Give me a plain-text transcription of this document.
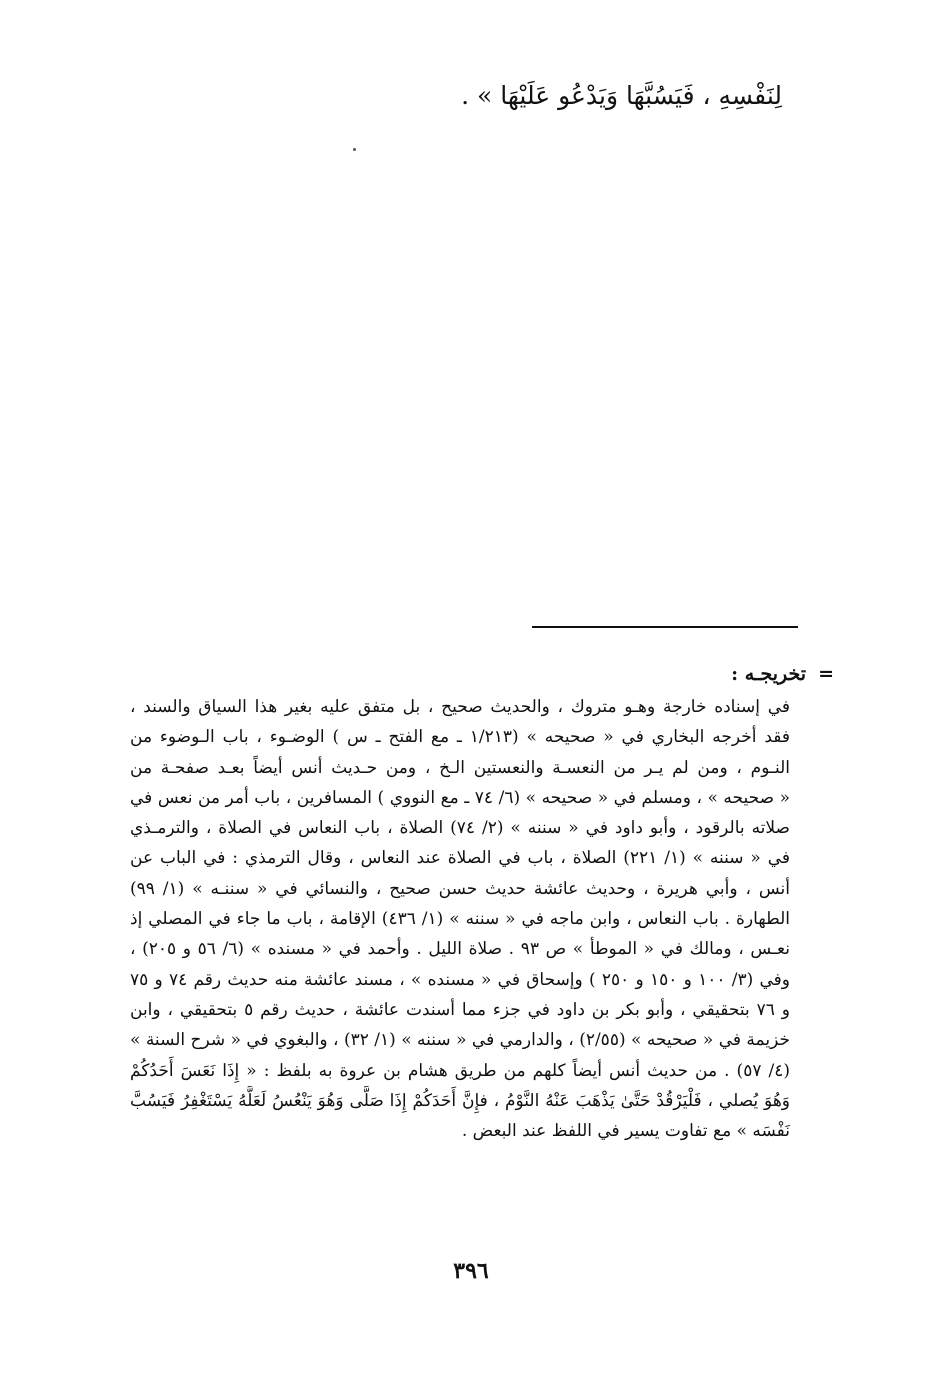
لِنَفْسِهِ ، فَيَسُبَّهَا وَيَدْعُو عَلَيْهَا » .
=تخريجـه :
في إسناده خارجة وهـو متروك ، والحديث صحيح ، بل متفق عليه بغير هذا السياق والسند ،
فقد أخرجه البخاري في « صحيحه » (١/٢١٣ ـ مع الفتح ـ س ) الوضـوء ، باب الـوضوء من
النـوم ، ومن لم يـر من النعسـة والنعستين الـخ ، ومن حـديث أنس أيضاً بعـد صفحـة من
« صحيحه » ، ومسلم في « صحيحه » (٦/ ٧٤ ـ مع النووي ) المسافرين ، باب أمر من نعس في
صلاته بالرقود ، وأبو داود في « سننه » (٢/ ٧٤) الصلاة ، باب النعاس في الصلاة ، والترمـذي
في « سننه » (١/ ٢٢١) الصلاة ، باب في الصلاة عند النعاس ، وقال الترمذي : في الباب عن
أنس ، وأبي هريرة ، وحديث عائشة حديث حسن صحيح ، والنسائي في « سننـه » (١/ ٩٩)
الطهارة . باب النعاس ، وابن ماجه في « سننه » (١/ ٤٣٦) الإقامة ، باب ما جاء في المصلي إذ
نعـس ، ومالك في « الموطأ » ص ٩٣ . صلاة الليل . وأحمد في « مسنده » (٦/ ٥٦ و ٢٠٥) ،
وفي (٣/ ١٠٠ و ١٥٠ و ٢٥٠ ) وإسحاق في « مسنده » ، مسند عائشة منه حديث رقم ٧٤ و ٧٥
و ٧٦ بتحقيقي ، وأبو بكر بن داود في جزء مما أسندت عائشة ، حديث رقم ٥ بتحقيقي ، وابن
خزيمة في « صحيحه » (٢/٥٥) ، والدارمي في « سننه » (١/ ٣٢) ، والبغوي في « شرح السنة »
(٤/ ٥٧) . من حديث أنس أيضاً كلهم من طريق هشام بن عروة به بلفظ : « إِذَا نَعَسَ أَحَدُكُمْ
وَهُوَ يُصلي ، فَلْيَرْقُدْ حَتَّىٰ يَذْهَبَ عَنْهُ النَّوْمُ ، فإِنَّ أَحَدَكُمْ إِذَا صَلَّى وَهُوَ يَنْعُسُ لَعَلَّهُ يَسْتَغْفِرُ فَيَسُبَّ
نَفْسَه » مع تفاوت يسير في اللفظ عند البعض .
٣٩٦
